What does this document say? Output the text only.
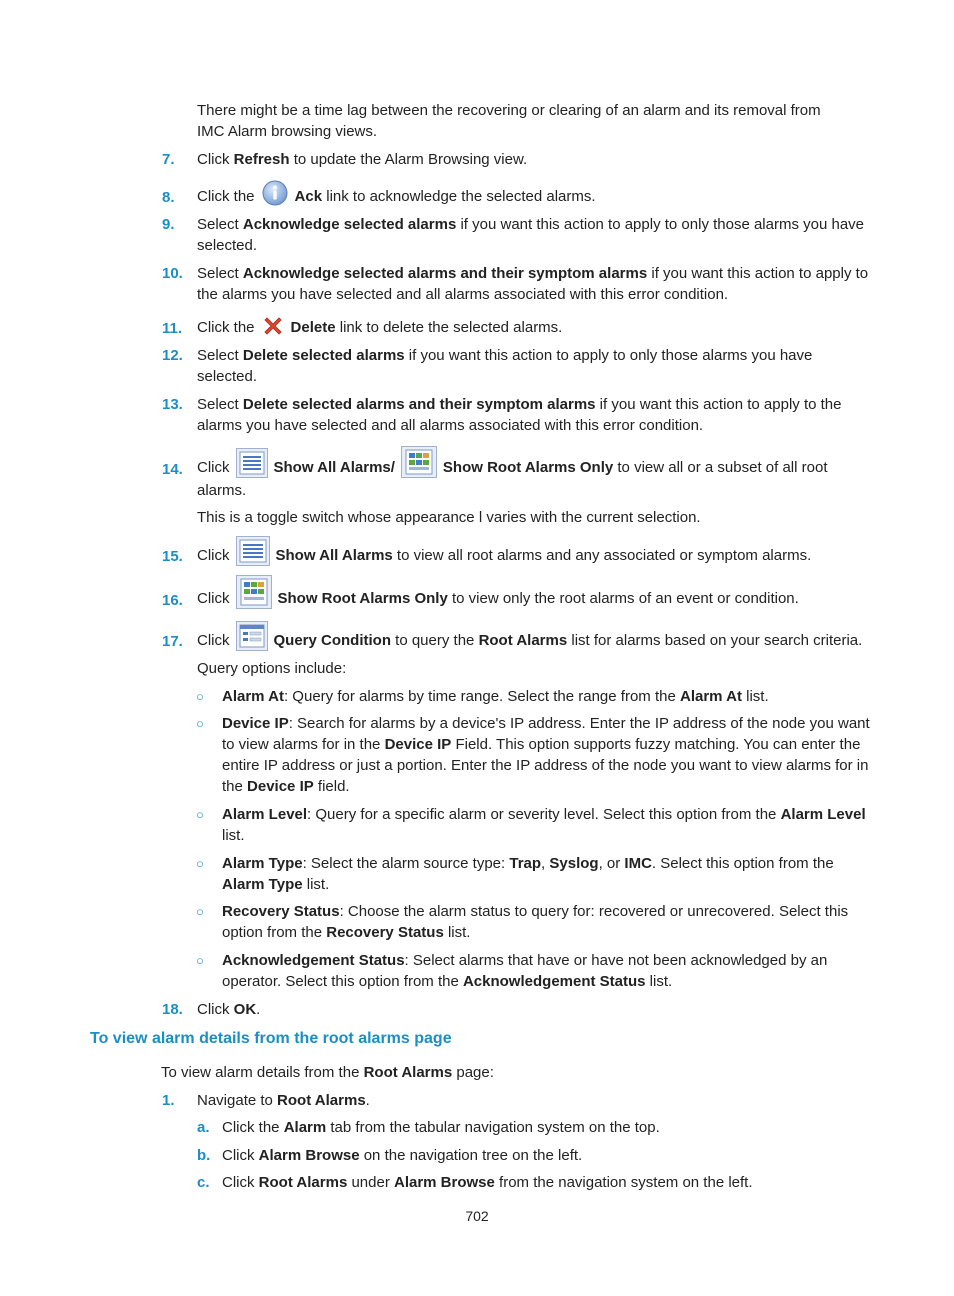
There might be a time lag between the recovering or clearing of an alarm and its removal from
IMC Alarm browsing views.
7. Click Refresh to update the Alarm Browsing view.
8. Click the	Ack link to acknowledge the selected alarms.
9. Select Acknowledge selected alarms if you want this action to apply to only those alarms you have
selected.
10. Select Acknowledge selected alarms and their symptom alarms if you want this action to apply to
the alarms you have selected and all alarms associated with this error condition.
11. Click the Delete link to delete the selected alarms.
12. Select Delete selected alarms if you want this action to apply to only those alarms you have
selected.
13. Select Delete selected alarms and their symptom alarms if you want this action to apply to the
alarms you have selected and all alarms associated with this error condition.
14. Click	Show All Alarms/	Show Root Alarms Only to view all or a subset of all root
alarms.
This is a toggle switch whose appearance l varies with the current selection.
15. Click	Show All Alarms to view all root alarms and any associated or symptom alarms.
16. Click	Show Root Alarms Only to view only the root alarms of an event or condition.
17. Click	Query Condition to query the Root Alarms list for alarms based on your search criteria.
Query options include:
○ Alarm At: Query for alarms by time range. Select the range from the Alarm At list.
○ Device IP: Search for alarms by a device's IP address. Enter the IP address of the node you want to view alarms for in the Device IP Field. This option supports fuzzy matching. You can enter the entire IP address or just a portion. Enter the IP address of the node you want to view alarms for in the Device IP field.
○ Alarm Level: Query for a specific alarm or severity level. Select this option from the Alarm Level list.
○ Alarm Type: Select the alarm source type: Trap, Syslog, or IMC. Select this option from the Alarm Type list.
○ Recovery Status: Choose the alarm status to query for: recovered or unrecovered. Select this option from the Recovery Status list.
○ Acknowledgement Status: Select alarms that have or have not been acknowledged by an operator. Select this option from the Acknowledgement Status list.
18. Click OK.
To view alarm details from the root alarms page
To view alarm details from the Root Alarms page:
1. Navigate to Root Alarms.
a. Click the Alarm tab from the tabular navigation system on the top.
b. Click Alarm Browse on the navigation tree on the left.
c. Click Root Alarms under Alarm Browse from the navigation system on the left.
702
